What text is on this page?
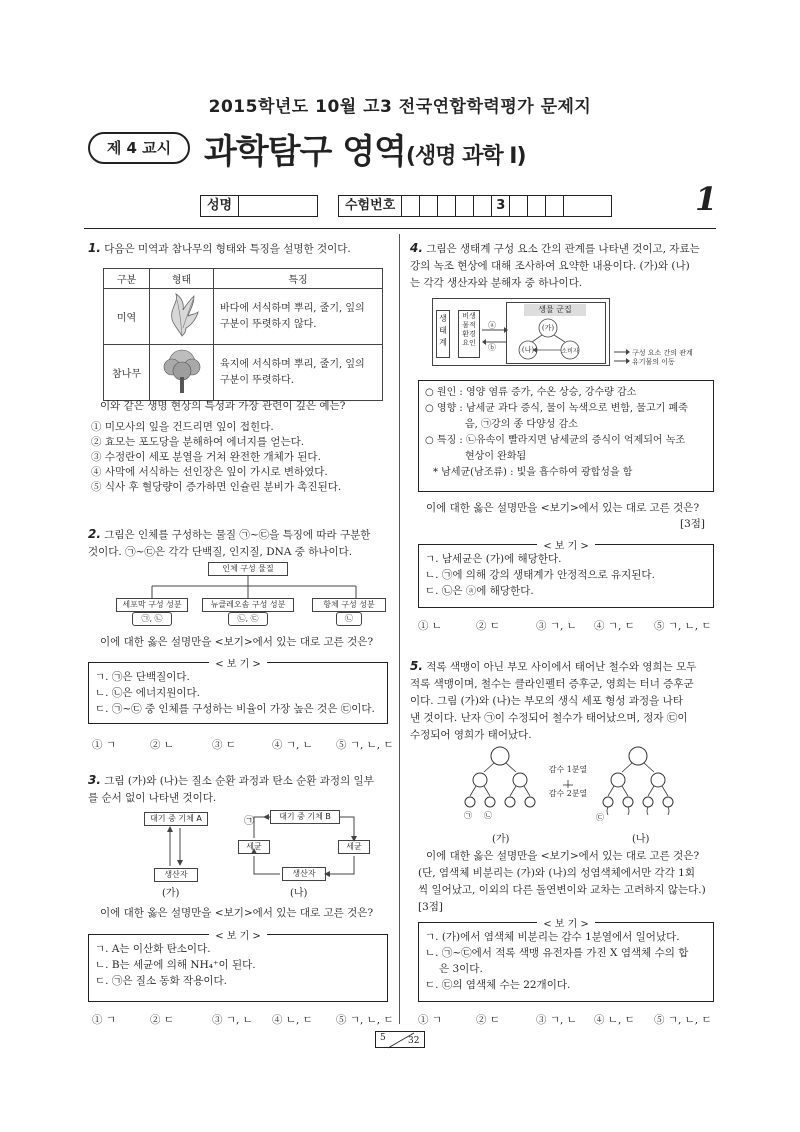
2015학년도 10월 고3 전국연합학력평가 문제지
제 4 교시 과학탐구 영역(생명 과학 Ⅰ)
성명	수험번호	3	1
1. 다음은 미역과 참나무의 형태와 특징을 설명한 것이다.
구분	형태	특징
미역		바다에 서식하며 뿌리, 줄기, 잎의 구분이 뚜렷하지 않다.
참나무		육지에 서식하며 뿌리, 줄기, 잎의 구분이 뚜렷하다.
이와 같은 생명 현상의 특성과 가장 관련이 깊은 예는?
① 미모사의 잎을 건드리면 잎이 접힌다.
② 효모는 포도당을 분해하여 에너지를 얻는다.
③ 수정란이 세포 분열을 거쳐 완전한 개체가 된다.
④ 사막에 서식하는 선인장은 잎이 가시로 변하였다.
⑤ 식사 후 혈당량이 증가하면 인슐린 분비가 촉진된다.
2. 그림은 인체를 구성하는 물질 ㉠~㉢을 특징에 따라 구분한
것이다. ㉠~㉢은 각각 단백질, 인지질, DNA 중 하나이다.
인체 구성 물질
세포막 구성 성분	뉴클레오솜 구성 성분	항체 구성 성분
㉠, ㉡	㉡, ㉢	㉡
이에 대한 옳은 설명만을 <보기>에서 있는 대로 고른 것은?
< 보 기 >
ㄱ. ㉠은 단백질이다.
ㄴ. ㉡은 에너지원이다.
ㄷ. ㉠~㉢ 중 인체를 구성하는 비율이 가장 높은 것은 ㉢이다.
① ㄱ	② ㄴ	③ ㄷ	④ ㄱ, ㄴ	⑤ ㄱ, ㄴ, ㄷ
3. 그림 (가)와 (나)는 질소 순환 과정과 탄소 순환 과정의 일부
를 순서 없이 나타낸 것이다.
대기 중 기체 A
생산자
(가)
㉠	대기 중 기체 B
세균	세균
생산자
(나)
이에 대한 옳은 설명만을 <보기>에서 있는 대로 고른 것은?
< 보 기 >
ㄱ. A는 이산화 탄소이다.
ㄴ. B는 세균에 의해 NH₄⁺이 된다.
ㄷ. ㉠은 질소 동화 작용이다.
① ㄱ	② ㄷ	③ ㄱ, ㄴ	④ ㄴ, ㄷ	⑤ ㄱ, ㄴ, ㄷ
4. 그림은 생태계 구성 요소 간의 관계를 나타낸 것이고, 자료는
강의 녹조 현상에 대해 조사하여 요약한 내용이다. (가)와 (나)
는 각각 생산자와 분해자 중 하나이다.
생태계
비생물적 환경 요인
생물 군집
ⓐ
ⓑ
(가)
(나)	소비자	구성 요소 간의 관계
유기물의 이동
○ 원인 : 영양 염류 증가, 수온 상승, 강수량 감소
○ 영향 : 남세균 과다 증식, 물이 녹색으로 변함, 물고기 폐죽
음, ㉠강의 종 다양성 감소
○ 특징 : ㉡유속이 빨라지면 남세균의 증식이 억제되어 녹조
현상이 완화됨
* 남세균(남조류) : 빛을 흡수하여 광합성을 함
이에 대한 옳은 설명만을 <보기>에서 있는 대로 고른 것은?
[3점]
< 보 기 >
ㄱ. 남세균은 (가)에 해당한다.
ㄴ. ㉠에 의해 강의 생태계가 안정적으로 유지된다.
ㄷ. ㉡은 ⓐ에 해당한다.
① ㄴ	② ㄷ	③ ㄱ, ㄴ	④ ㄱ, ㄷ	⑤ ㄱ, ㄴ, ㄷ
5. 적록 색맹이 아닌 부모 사이에서 태어난 철수와 영희는 모두
적록 색맹이며, 철수는 클라인펠터 증후군, 영희는 터너 증후군
이다. 그림 (가)와 (나)는 부모의 생식 세포 형성 과정을 나타
낸 것이다. 난자 ㉠이 수정되어 철수가 태어났으며, 정자 ㉢이
수정되어 영희가 태어났다.
감수 1분열
감수 2분열
㉠ ㉡	㉢
(가)	(나)
이에 대한 옳은 설명만을 <보기>에서 있는 대로 고른 것은?
(단, 염색체 비분리는 (가)와 (나)의 성염색체에서만 각각 1회
씩 일어났고, 이외의 다른 돌연변이와 교차는 고려하지 않는다.)
[3점]
< 보 기 >
ㄱ. (가)에서 염색체 비분리는 감수 1분열에서 일어났다.
ㄴ. ㉠~㉢에서 적록 색맹 유전자를 가진 X 염색체 수의 합
은 3이다.
ㄷ. ㉢의 염색체 수는 22개이다.
① ㄱ	② ㄷ	③ ㄱ, ㄴ	④ ㄴ, ㄷ	⑤ ㄱ, ㄴ, ㄷ
5 32
